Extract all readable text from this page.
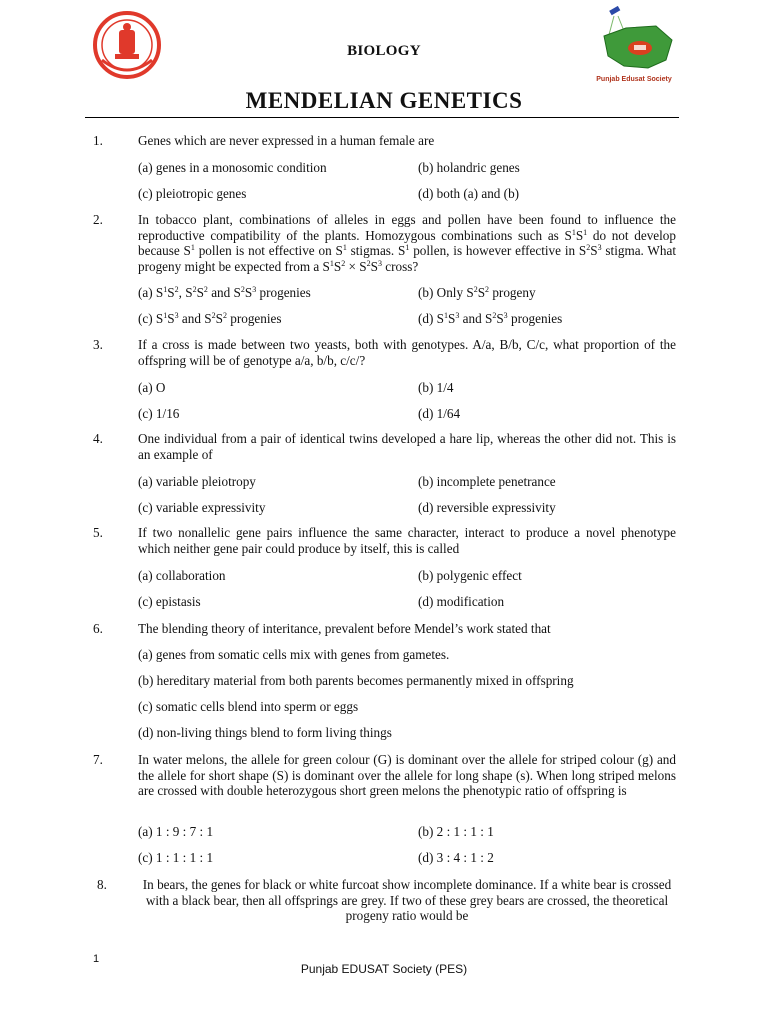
Punjab Edusat Society
BIOLOGY
MENDELIAN GENETICS
1.	Genes which are never expressed in a human female are
(a) genes in a monosomic condition	(b) holandric genes
(c) pleiotropic genes	(d) both (a) and (b)
2.	In tobacco plant, combinations of alleles in eggs and pollen have been found to influence the reproductive compatibility of the plants. Homozygous combinations such as $S^1S^1$ do not develop because $S^1$ pollen is not effective on $S^1$ stigmas. $S^1$ pollen, is however effective in $S^2S^3$ stigma. What progeny might be expected from a $S^1S^2 \times S^2S^3$ cross?
(a) $S^1S^2$, $S^2S^2$ and $S^2S^3$ progenies	(b) Only $S^2S^2$ progeny
(c) $S^1S^3$ and $S^2S^2$ progenies	(d) $S^1S^3$ and $S^2S^3$ progenies
3.	If a cross is made between two yeasts, both with genotypes. A/a, B/b, C/c, what proportion of the offspring will be of genotype a/a, b/b, c/c/?
(a) O	(b) 1/4
(c) 1/16	(d) 1/64
4.	One individual from a pair of identical twins developed a hare lip, whereas the other did not. This is an example of
(a) variable pleiotropy	(b) incomplete penetrance
(c) variable expressivity	(d) reversible expressivity
5.	If two nonallelic gene pairs influence the same character, interact to produce a novel phenotype which neither gene pair could produce by itself, this is called
(a) collaboration	(b) polygenic effect
(c) epistasis	(d) modification
6.	The blending theory of interitance, prevalent before Mendel’s work stated that
(a) genes from somatic cells mix with genes from gametes.
(b) hereditary material from both parents becomes permanently mixed in offspring
(c) somatic cells blend into sperm or eggs
(d) non-living things blend to form living things
7.	In water melons, the allele for green colour (G) is dominant over the allele for striped colour (g) and the allele for short shape (S) is dominant over the allele for long shape (s). When long striped melons are crossed with double heterozygous short green melons the phenotypic ratio of offspring is
(a) 1 : 9 : 7 : 1	(b) 2 : 1 : 1 : 1
(c) 1 : 1 : 1 : 1	(d) 3 : 4 : 1 : 2
8.	In bears, the genes for black or white furcoat show incomplete dominance. If a white bear is crossed with a black bear, then all offsprings are grey. If two of these grey bears are crossed, the theoretical progeny ratio would be
1
Punjab EDUSAT Society (PES)
